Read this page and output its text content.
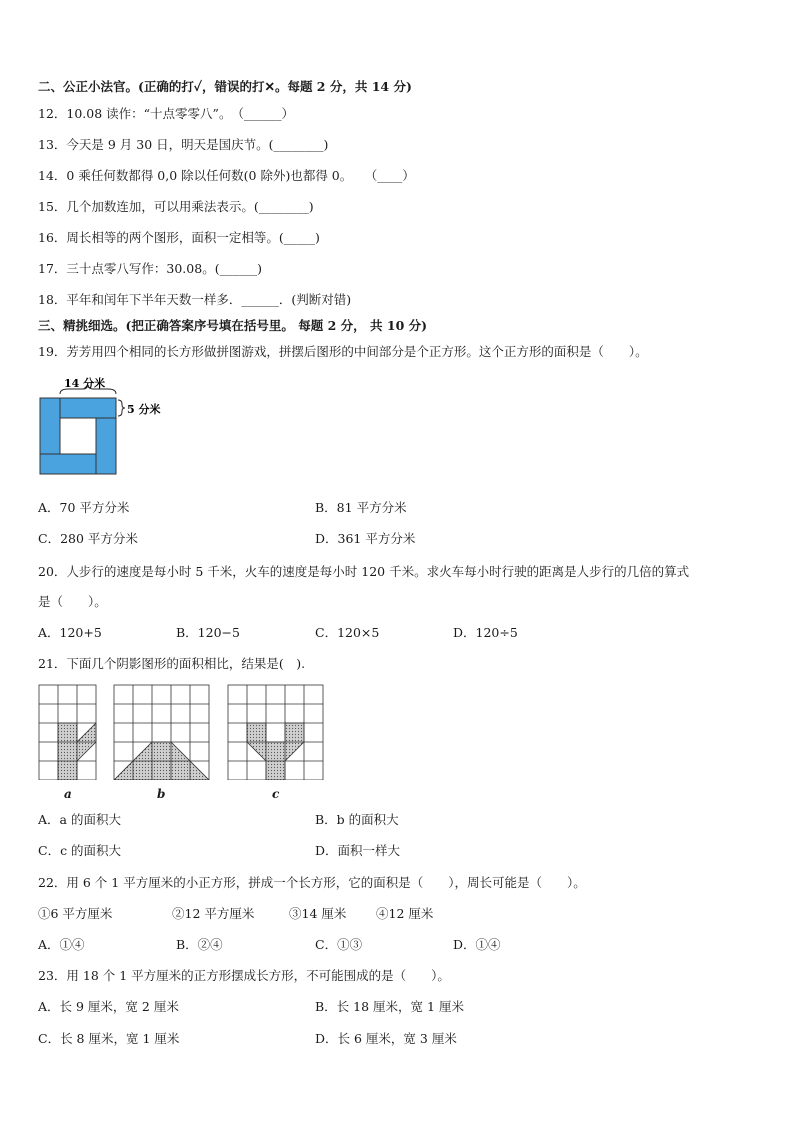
二、公正小法官。(正确的打✓，错误的打✕。每题 2 分，共 14 分)
12．10.08 读作：“十点零零八”。　（______）
13．今天是 9 月 30 日，明天是国庆节。(________)
14．0 乘任何数都得 0,0 除以任何数(0 除外)也都得 0。　　（____）
15．几个加数连加，可以用乘法表示。(________)
16．周长相等的两个图形，面积一定相等。(_____)
17．三十点零八写作：30.08。(______)
18．平年和闰年下半年天数一样多．______．(判断对错)
三、精挑细选。(把正确答案序号填在括号里。 每题 2 分， 共 10 分)
19．芳芳用四个相同的长方形做拼图游戏，拼摆后图形的中间部分是个正方形。这个正方形的面积是（　　）。
14 分米
5 分米
A．70 平方分米	B．81 平方分米
C．280 平方分米	D．361 平方分米
20．人步行的速度是每小时 5 千米，火车的速度是每小时 120 千米。求火车每小时行驶的距离是人步行的几倍的算式
是（　　）。
A．120+5	B．120−5	C．120×5	D．120÷5
21．下面几个阴影图形的面积相比，结果是(　).
a	b	c
A．a 的面积大	B．b 的面积大
C．c 的面积大	D．面积一样大
22．用 6 个 1 平方厘米的小正方形，拼成一个长方形，它的面积是（　　），周长可能是（　　）。
①6 平方厘米	②12 平方厘米	③14 厘米 ④12 厘米
A．①④	B．②④	C．①③	D．①④
23．用 18 个 1 平方厘米的正方形摆成长方形，不可能围成的是（　　）。
A．长 9 厘米，宽 2 厘米	B．长 18 厘米，宽 1 厘米
C．长 8 厘米，宽 1 厘米	D．长 6 厘米，宽 3 厘米
